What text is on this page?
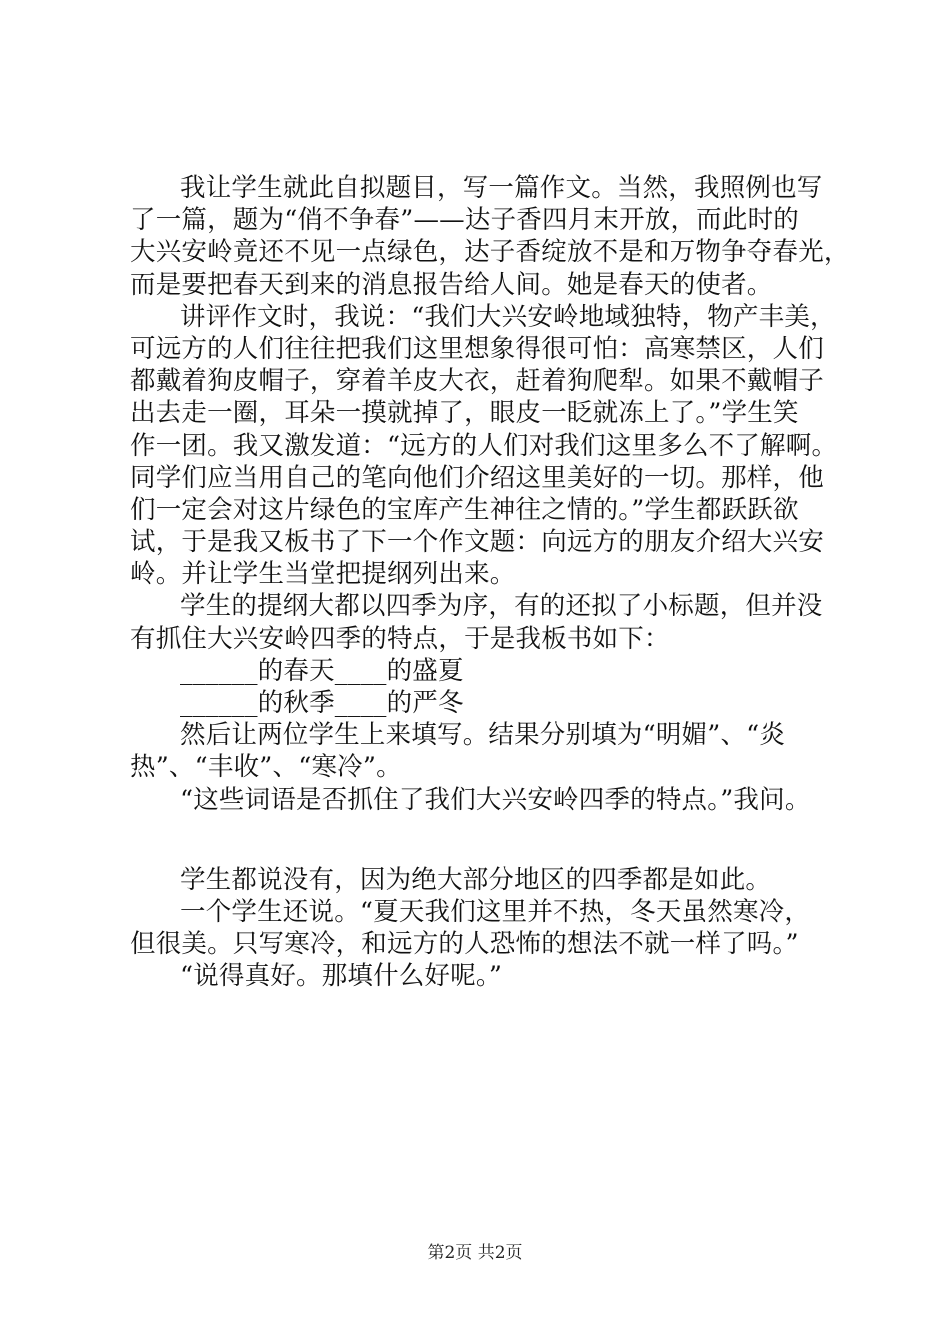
我让学生就此自拟题目，写一篇作文。当然，我照例也写
了一篇，题为“俏不争春”——达子香四月末开放，而此时的
大兴安岭竟还不见一点绿色，达子香绽放不是和万物争夺春光，
而是要把春天到来的消息报告给人间。她是春天的使者。
讲评作文时，我说：“我们大兴安岭地域独特，物产丰美，
可远方的人们往往把我们这里想象得很可怕：高寒禁区，人们
都戴着狗皮帽子，穿着羊皮大衣，赶着狗爬犁。如果不戴帽子
出去走一圈，耳朵一摸就掉了，眼皮一眨就冻上了。”学生笑
作一团。我又激发道：“远方的人们对我们这里多么不了解啊。
同学们应当用自己的笔向他们介绍这里美好的一切。那样，他
们一定会对这片绿色的宝库产生神往之情的。”学生都跃跃欲
试，于是我又板书了下一个作文题：向远方的朋友介绍大兴安
岭。并让学生当堂把提纲列出来。
学生的提纲大都以四季为序，有的还拟了小标题，但并没
有抓住大兴安岭四季的特点，于是我板书如下：
______的春天____的盛夏
______的秋季____的严冬
然后让两位学生上来填写。结果分别填为“明媚”、“炎
热”、“丰收”、“寒冷”。
“这些词语是否抓住了我们大兴安岭四季的特点。”我问。
学生都说没有，因为绝大部分地区的四季都是如此。
一个学生还说。“夏天我们这里并不热，冬天虽然寒冷，
但很美。只写寒冷，和远方的人恐怖的想法不就一样了吗。”
“说得真好。那填什么好呢。”
第2页 共2页
